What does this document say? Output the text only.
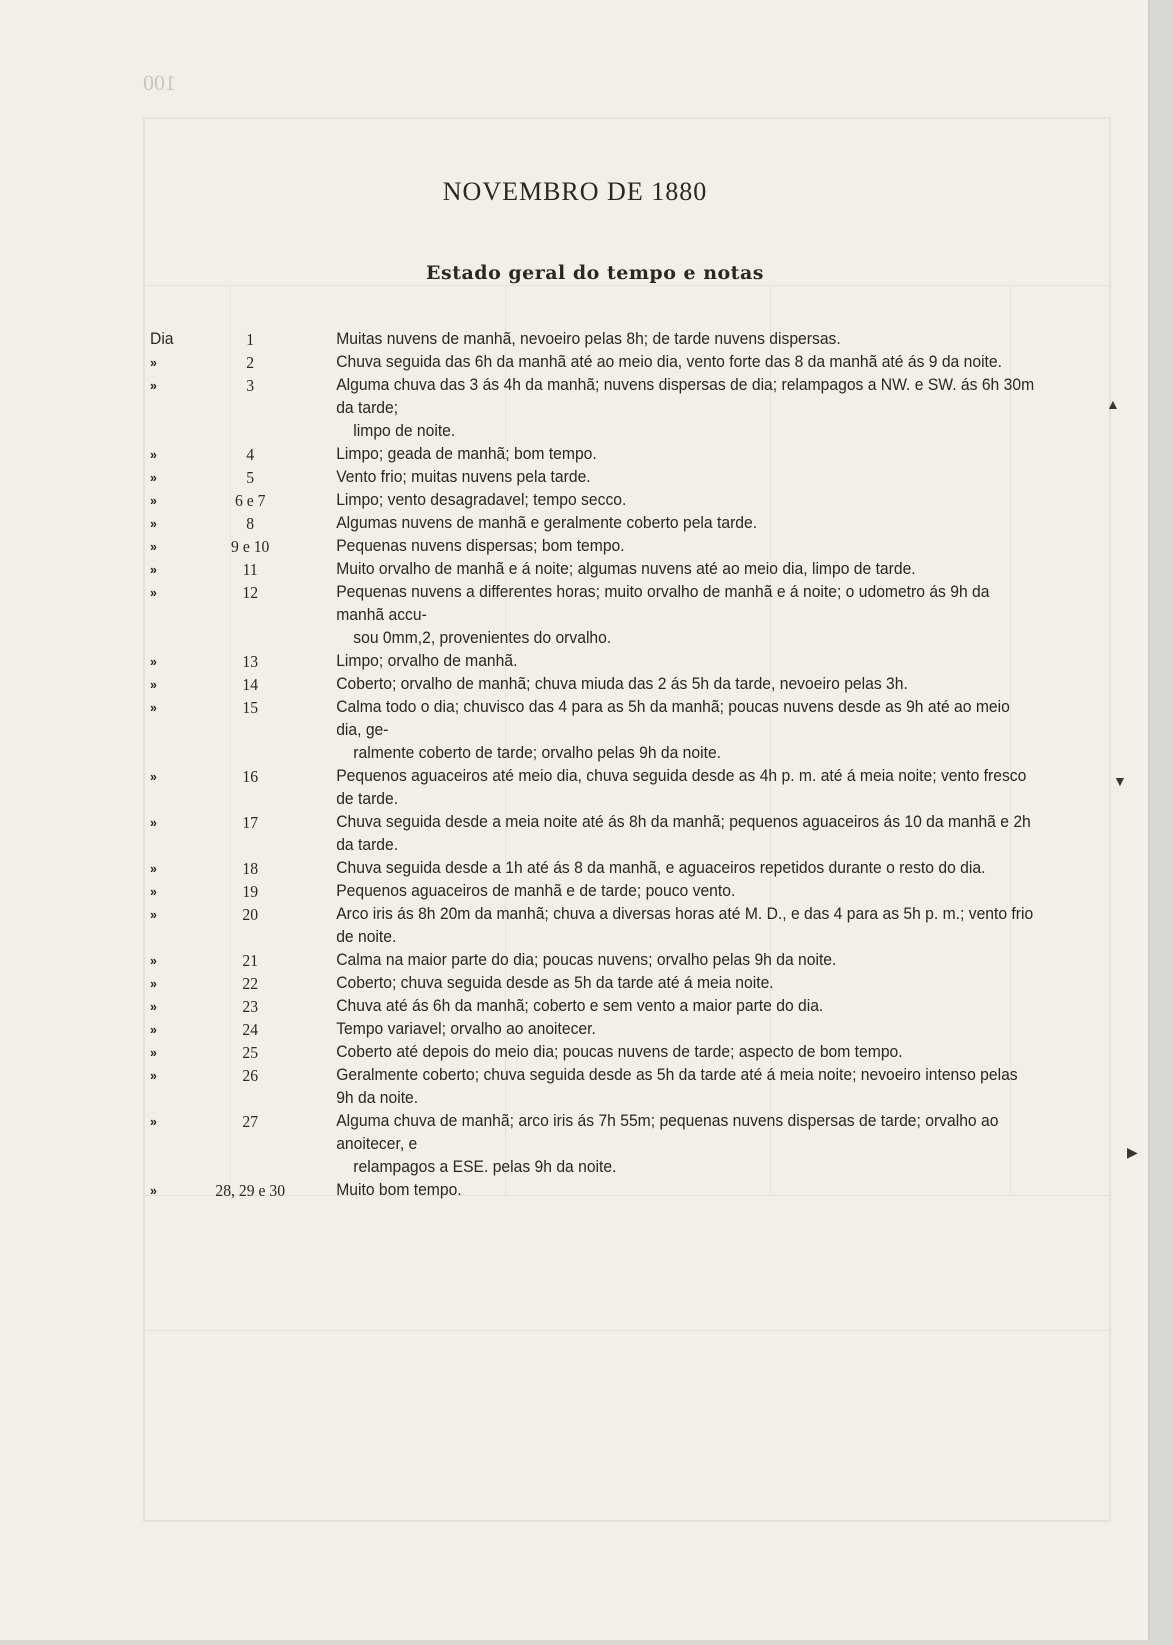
100
NOVEMBRO DE 1880
Estado geral do tempo e notas
Dia	1	Muitas nuvens de manhã, nevoeiro pelas 8h; de tarde nuvens dispersas.
»	2	Chuva seguida das 6h da manhã até ao meio dia, vento forte das 8 da manhã até ás 9 da noite.
»	3	Alguma chuva das 3 ás 4h da manhã; nuvens dispersas de dia; relampagos a NW. e SW. ás 6h 30m da tarde;
limpo de noite.
»	4	Limpo; geada de manhã; bom tempo.
»	5	Vento frio; muitas nuvens pela tarde.
»	6 e 7	Limpo; vento desagradavel; tempo secco.
»	8	Algumas nuvens de manhã e geralmente coberto pela tarde.
»	9 e 10	Pequenas nuvens dispersas; bom tempo.
»	11	Muito orvalho de manhã e á noite; algumas nuvens até ao meio dia, limpo de tarde.
»	12	Pequenas nuvens a differentes horas; muito orvalho de manhã e á noite; o udometro ás 9h da manhã accu-
sou 0mm,2, provenientes do orvalho.
»	13	Limpo; orvalho de manhã.
»	14	Coberto; orvalho de manhã; chuva miuda das 2 ás 5h da tarde, nevoeiro pelas 3h.
»	15	Calma todo o dia; chuvisco das 4 para as 5h da manhã; poucas nuvens desde as 9h até ao meio dia, ge-
ralmente coberto de tarde; orvalho pelas 9h da noite.
»	16	Pequenos aguaceiros até meio dia, chuva seguida desde as 4h p. m. até á meia noite; vento fresco de tarde.
»	17	Chuva seguida desde a meia noite até ás 8h da manhã; pequenos aguaceiros ás 10 da manhã e 2h da tarde.
»	18	Chuva seguida desde a 1h até ás 8 da manhã, e aguaceiros repetidos durante o resto do dia.
»	19	Pequenos aguaceiros de manhã e de tarde; pouco vento.
»	20	Arco iris ás 8h 20m da manhã; chuva a diversas horas até M. D., e das 4 para as 5h p. m.; vento frio de noite.
»	21	Calma na maior parte do dia; poucas nuvens; orvalho pelas 9h da noite.
»	22	Coberto; chuva seguida desde as 5h da tarde até á meia noite.
»	23	Chuva até ás 6h da manhã; coberto e sem vento a maior parte do dia.
»	24	Tempo variavel; orvalho ao anoitecer.
»	25	Coberto até depois do meio dia; poucas nuvens de tarde; aspecto de bom tempo.
»	26	Geralmente coberto; chuva seguida desde as 5h da tarde até á meia noite; nevoeiro intenso pelas 9h da noite.
»	27	Alguma chuva de manhã; arco iris ás 7h 55m; pequenas nuvens dispersas de tarde; orvalho ao anoitecer, e
relampagos a ESE. pelas 9h da noite.
»	28, 29 e 30	Muito bom tempo.
▲
▼
▶
